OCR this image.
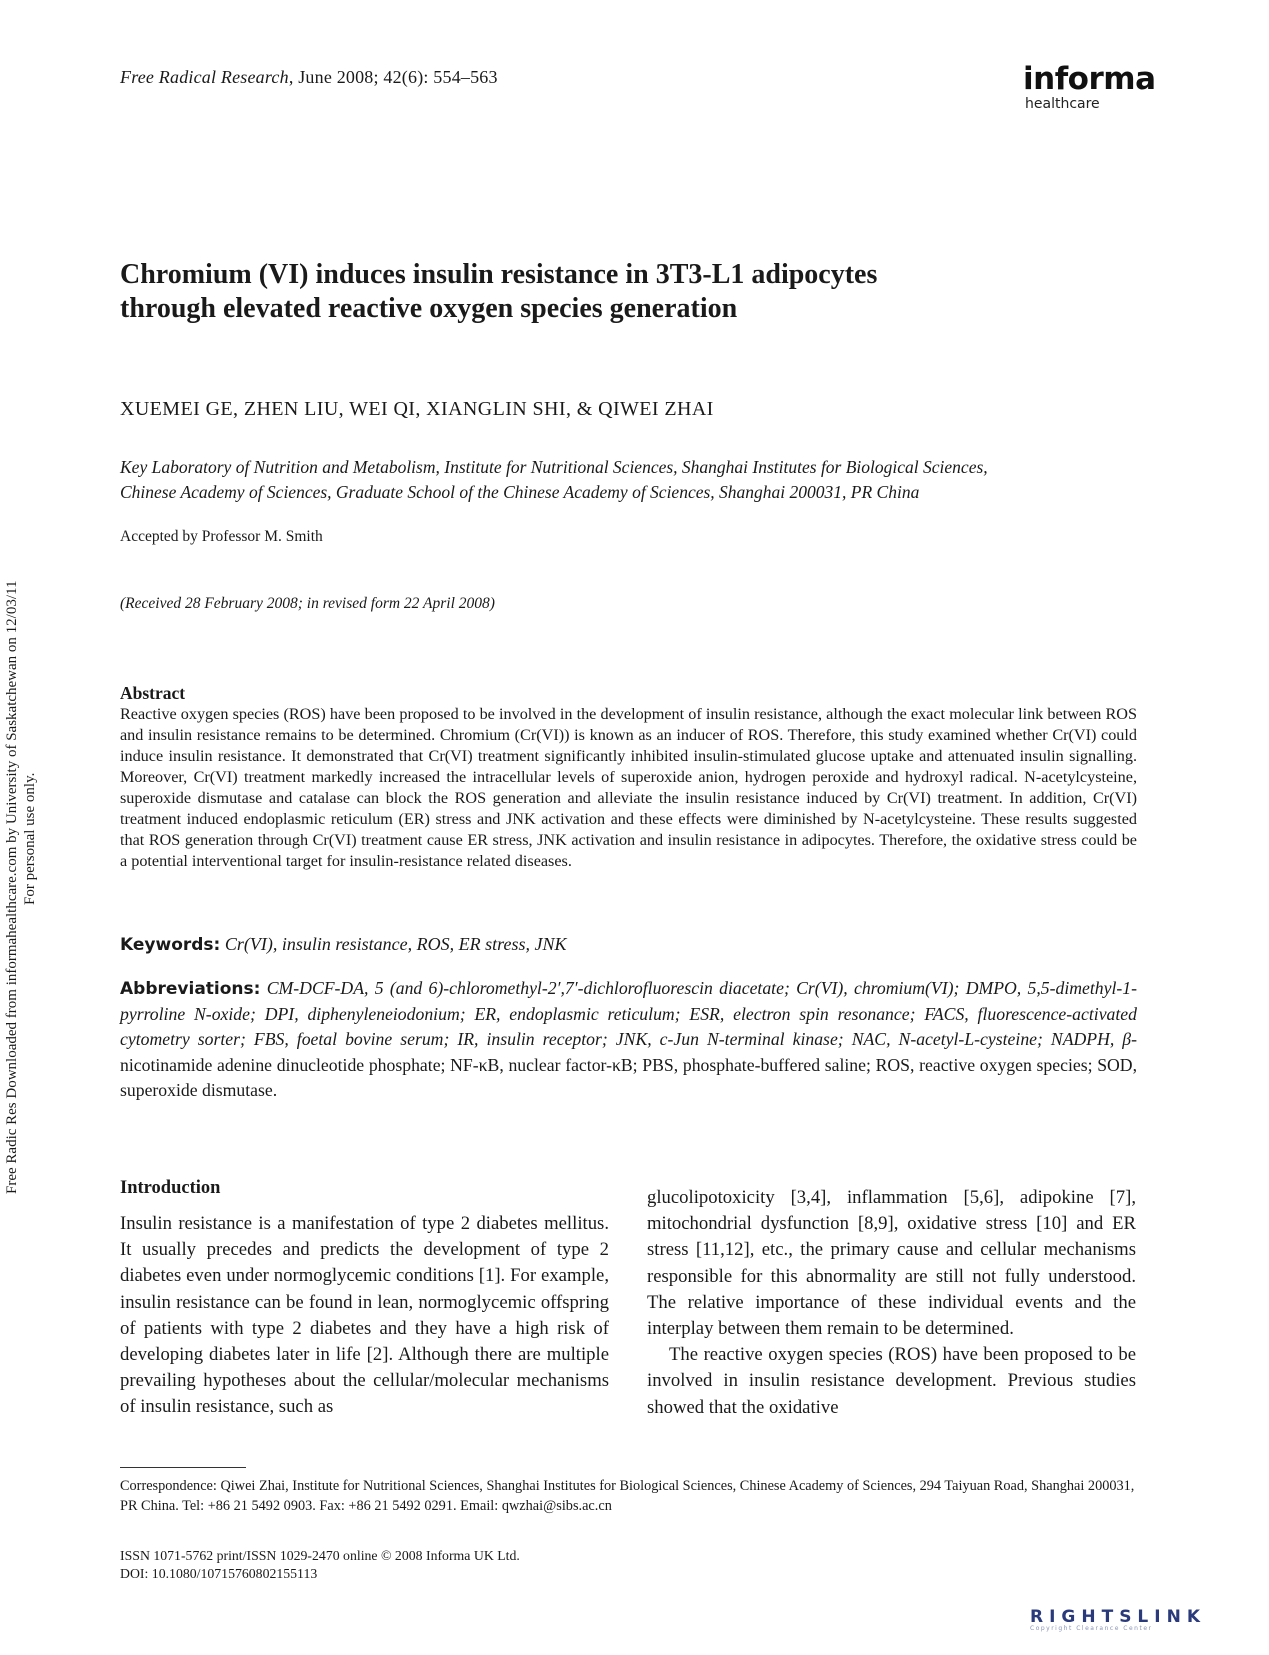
Free Radic Res Downloaded from informahealthcare.com by University of Saskatchewan on 12/03/11 For personal use only.
Free Radical Research, June 2008; 42(6): 554–563	informa
healthcare
Chromium (VI) induces insulin resistance in 3T3-L1 adipocytes
through elevated reactive oxygen species generation
XUEMEI GE, ZHEN LIU, WEI QI, XIANGLIN SHI, & QIWEI ZHAI
Key Laboratory of Nutrition and Metabolism, Institute for Nutritional Sciences, Shanghai Institutes for Biological Sciences,
Chinese Academy of Sciences, Graduate School of the Chinese Academy of Sciences, Shanghai 200031, PR China
Accepted by Professor M. Smith
(Received 28 February 2008; in revised form 22 April 2008)
Abstract
Reactive oxygen species (ROS) have been proposed to be involved in the development of insulin resistance, although the exact molecular link between ROS and insulin resistance remains to be determined. Chromium (Cr(VI)) is known as an inducer of ROS. Therefore, this study examined whether Cr(VI) could induce insulin resistance. It demonstrated that Cr(VI) treatment significantly inhibited insulin-stimulated glucose uptake and attenuated insulin signalling. Moreover, Cr(VI) treatment markedly increased the intracellular levels of superoxide anion, hydrogen peroxide and hydroxyl radical. N-acetylcysteine, superoxide dismutase and catalase can block the ROS generation and alleviate the insulin resistance induced by Cr(VI) treatment. In addition, Cr(VI) treatment induced endoplasmic reticulum (ER) stress and JNK activation and these effects were diminished by N-acetylcysteine. These results suggested that ROS generation through Cr(VI) treatment cause ER stress, JNK activation and insulin resistance in adipocytes. Therefore, the oxidative stress could be a potential interventional target for insulin-resistance related diseases.
Keywords: Cr(VI), insulin resistance, ROS, ER stress, JNK
Abbreviations: CM-DCF-DA, 5 (and 6)-chloromethyl-2′,7′-dichlorofluorescin diacetate; Cr(VI), chromium(VI); DMPO, 5,5-dimethyl-1-pyrroline N-oxide; DPI, diphenyleneiodonium; ER, endoplasmic reticulum; ESR, electron spin resonance; FACS, fluorescence-activated cytometry sorter; FBS, foetal bovine serum; IR, insulin receptor; JNK, c-Jun N-terminal kinase; NAC, N-acetyl-L-cysteine; NADPH, β-nicotinamide adenine dinucleotide phosphate; NF-κB, nuclear factor-κB; PBS, phosphate-buffered saline; ROS, reactive oxygen species; SOD, superoxide dismutase.
Introduction
Insulin resistance is a manifestation of type 2 diabetes mellitus. It usually precedes and predicts the development of type 2 diabetes even under normoglycemic conditions [1]. For example, insulin resistance can be found in lean, normoglycemic offspring of patients with type 2 diabetes and they have a high risk of developing diabetes later in life [2]. Although there are multiple prevailing hypotheses about the cellular/molecular mechanisms of insulin resistance, such as

glucolipotoxicity [3,4], inflammation [5,6], adipokine [7], mitochondrial dysfunction [8,9], oxidative stress [10] and ER stress [11,12], etc., the primary cause and cellular mechanisms responsible for this abnormality are still not fully understood. The relative importance of these individual events and the interplay between them remain to be determined.

The reactive oxygen species (ROS) have been proposed to be involved in insulin resistance development. Previous studies showed that the oxidative

Correspondence: Qiwei Zhai, Institute for Nutritional Sciences, Shanghai Institutes for Biological Sciences, Chinese Academy of Sciences, 294 Taiyuan Road, Shanghai 200031, PR China. Tel: +86 21 5492 0903. Fax: +86 21 5492 0291. Email: qwzhai@sibs.ac.cn
ISSN 1071-5762 print/ISSN 1029-2470 online © 2008 Informa UK Ltd.
DOI: 10.1080/10715760802155113
RIGHTSLINK
Copyright Clearance Center
